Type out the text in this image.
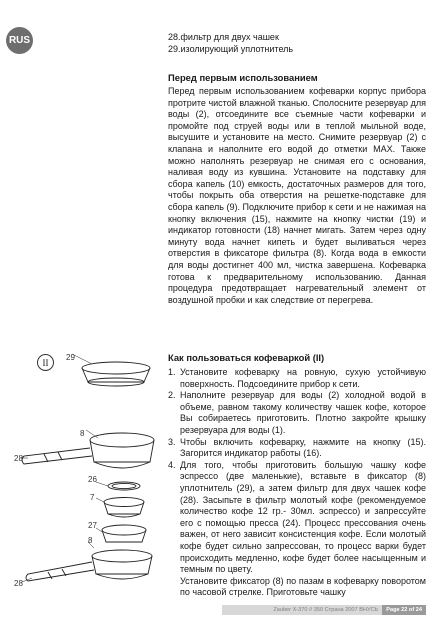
RUS	28.фильтр для двух чашек
29.изолирующий уплотнитель
Перед первым использованием
Перед первым использованием кофеварки корпус прибора протрите чистой влажной тканью. Сполосните резервуар для воды (2), отсоедините все съемные части кофеварки и промойте под струей воды или в теплой мыльной воде, высушите и установите на место. Снимите резервуар (2) с клапана и наполните его водой до отметки MAX. Также можно наполнять резервуар не снимая его с основания, наливая воду из кувшина. Установите на подставку для сбора капель (10) емкость, достаточных размеров для того, чтобы покрыть оба отверстия на решетке-подставке для сбора капель (9). Подключите прибор к сети и не нажимая на кнопку включения (15), нажмите на кнопку чистки (19) и индикатор готовности (18) начнет мигать. Затем через одну минуту вода начнет кипеть и будет выливаться через отверстия в фиксаторе фильтра (8). Когда вода в емкости для воды достигнет 400 мл, чистка завершена. Кофеварка готова к предварительному использованию. Данная процедура предотвращает нагревательный элемент от воздушной пробки и как следствие от перегрева.
II	Как пользоваться кофеваркой (II)
1. Установите кофеварку на ровную, сухую устойчивую поверхность. Подсоедините прибор к сети.
2. Наполните резервуар для воды (2) холодной водой в объеме, равном такому количеству чашек кофе, которое Вы собираетесь приготовить. Плотно закройте крышку резервуара для воды (1).
3. Чтобы включить кофеварку, нажмите на кнопку (15). Загорится индикатор работы (16).
4. Для того, чтобы приготовить большую чашку кофе эспрессо (две маленькие), вставьте в фиксатор (8) уплотнитель (29), а затем фильтр для двух чашек кофе (28). Засыпьте в фильтр молотый кофе (рекомендуемое количество кофе 12 гр.- 30мл. эспрессо) и запрессуйте его с помощью пресса (24). Процесс прессования очень важен, от него зависит консистенция кофе. Если молотый кофе будет сильно запрессован, то процесс варки будет происходить медленно, кофе будет более насыщенным и темным по цвету.
Установите фиксатор (8) по пазам в кофеварку поворотом по часовой стрелке. Приготовьте чашку
29
8
28
26
7
27
8
28
Zauber X-370 // 350 Страна 2007 ВНУСЬ	Page 22 of 24
